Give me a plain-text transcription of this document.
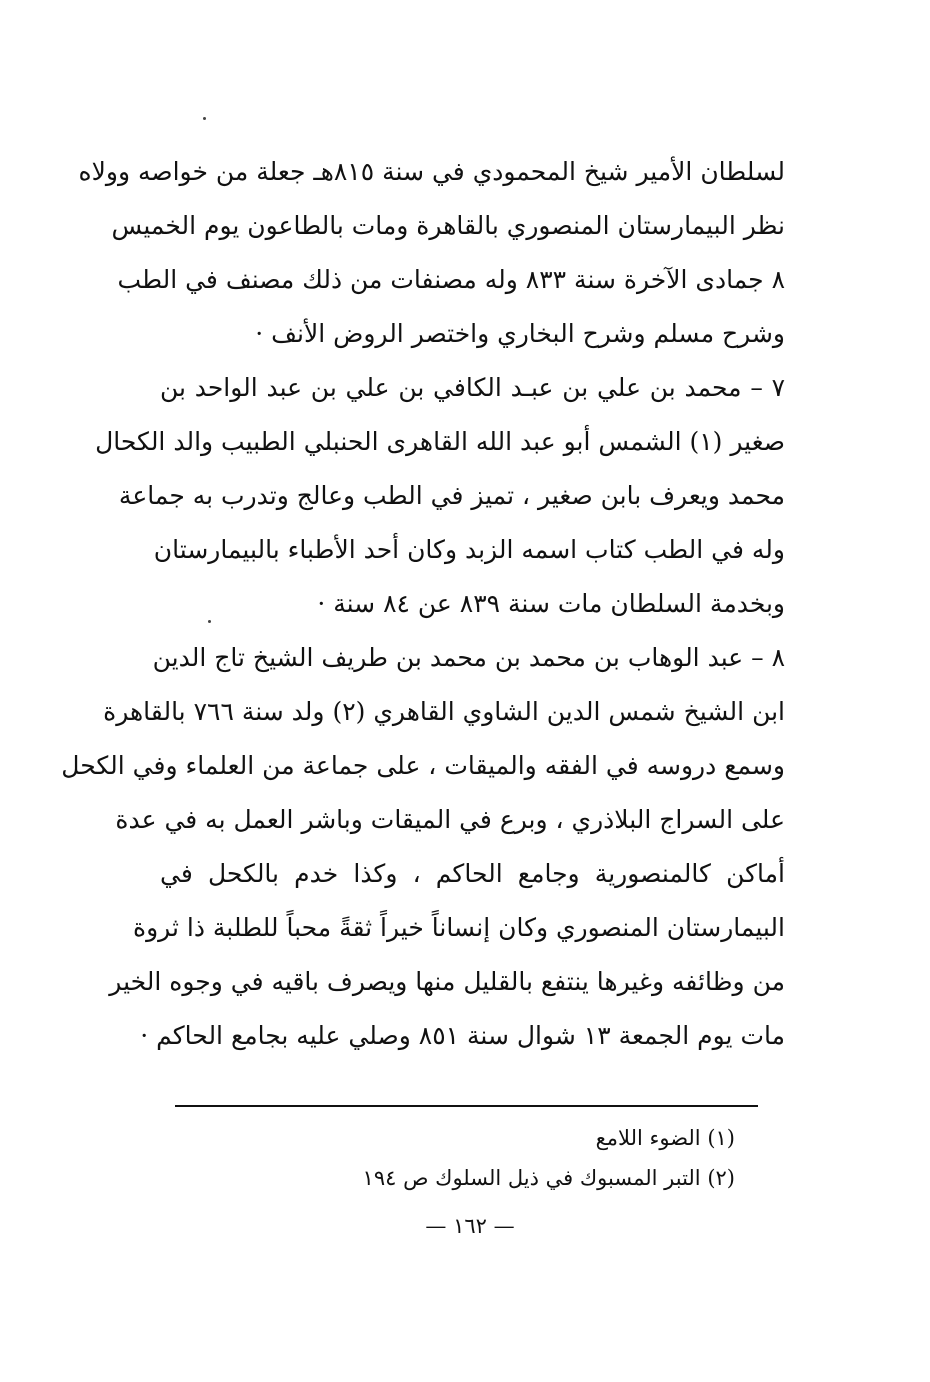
لسلطان الأمير شيخ المحمودي في سنة ٨١٥هـ جعلة من خواصه وولاه
نظر البيمارستان المنصوري بالقاهرة ومات بالطاعون يوم الخميس
٨ جمادى الآخرة سنة ٨٣٣ وله مصنفات من ذلك مصنف في الطب
وشرح مسلم وشرح البخاري واختصر الروض الأنف ·
٧ – محمد بن علي بن عبـد الكافي بن علي بن عبد الواحد بن
صغير (١) الشمس أبو عبد الله القاهرى الحنبلي الطبيب والد الكحال
محمد ويعرف بابن صغير ، تميز في الطب وعالج وتدرب به جماعة
وله في الطب كتاب اسمه الزبد وكان أحد الأطباء بالبيمارستان
وبخدمة السلطان مات سنة ٨٣٩ عن ٨٤ سنة ·
٨ – عبد الوهاب بن محمد بن محمد بن طريف الشيخ تاج الدين
ابن الشيخ شمس الدين الشاوي القاهري (٢) ولد سنة ٧٦٦ بالقاهرة
وسمع دروسه في الفقه والميقات ، على جماعة من العلماء وفي الكحل
على السراج البلاذري ، وبرع في الميقات وباشر العمل به في عدة
أماكن كالمنصورية وجامع الحاكم ، وكذا خدم بالكحل في
البيمارستان المنصوري وكان إنساناً خيراً ثقةً محباً للطلبة ذا ثروة
من وظائفه وغيرها ينتفع بالقليل منها ويصرف باقيه في وجوه الخير
مات يوم الجمعة ١٣ شوال سنة ٨٥١ وصلي عليه بجامع الحاكم ·
(١) الضوء اللامع
(٢) التبر المسبوك في ذيل السلوك ص ١٩٤
— ١٦٢ —
